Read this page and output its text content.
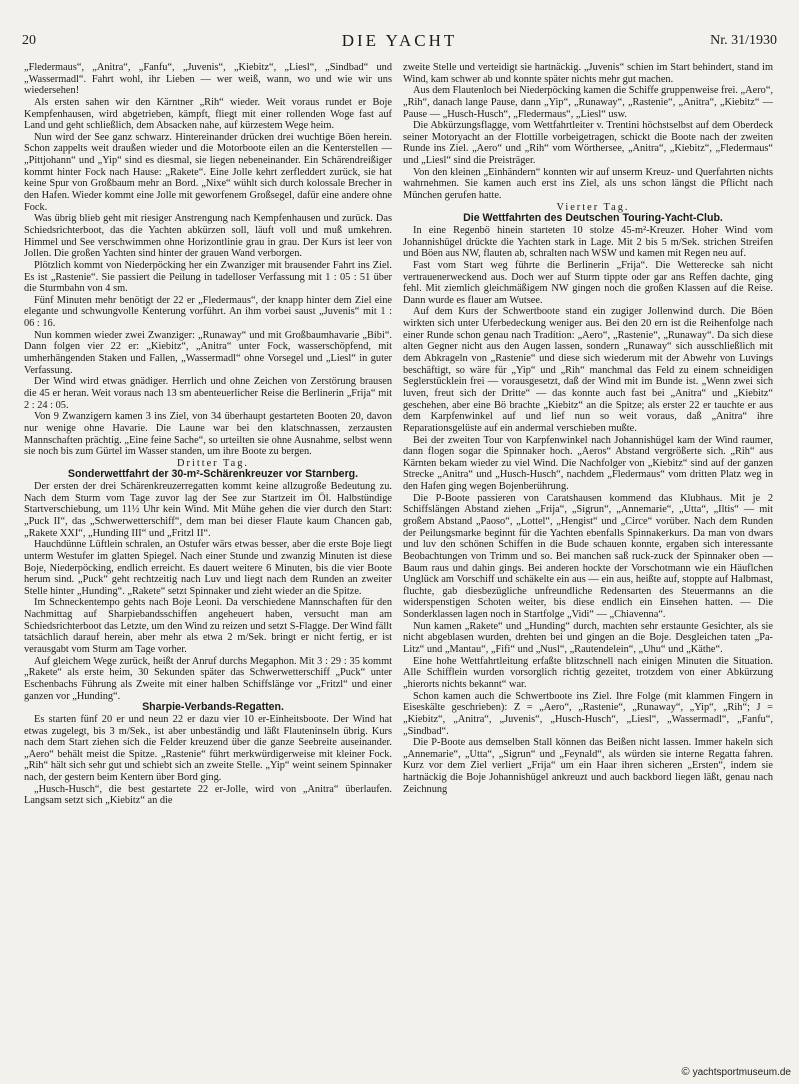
20	DIE YACHT	Nr. 31/1930

„Fledermaus“, „Anitra“, „Fanfu“, „Juvenis“, „Kiebitz“, „Liesl“, „Sindbad“ und „Wassermadl“. Fahrt wohl, ihr Lieben — wer weiß, wann, wo und wie wir uns wiedersehen!

Als ersten sahen wir den Kärntner „Rih“ wieder. Weit voraus rundet er Boje Kempfenhausen, wird abgetrieben, kämpft, fliegt mit einer rollenden Woge fast auf Land und geht schließlich, dem Absacken nahe, auf kürzestem Wege heim.

Nun wird der See ganz schwarz. Hintereinander drücken drei wuchtige Böen herein. Schon zappelts weit draußen wieder und die Motorboote eilen an die Kenterstellen — „Pittjohann“ und „Yip“ sind es diesmal, sie liegen nebeneinander. Ein Schärendreißiger kommt hinter Fock nach Hause: „Rakete“. Eine Jolle kehrt zerfleddert zurück, sie hat keine Spur von Großbaum mehr an Bord. „Nixe“ wühlt sich durch kolossale Brecher in den Hafen. Wieder kommt eine Jolle mit geworfenem Großsegel, dafür eine andere ohne Fock.

Was übrig blieb geht mit riesiger Anstrengung nach Kempfenhausen und zurück. Das Schiedsrichterboot, das die Yachten abkürzen soll, läuft voll und muß umkehren. Himmel und See verschwimmen ohne Horizontlinie grau in grau. Der Kurs ist leer von Jollen. Die großen Yachten sind hinter der grauen Wand verborgen.

Plötzlich kommt von Niederpöcking her ein Zwanziger mit brausender Fahrt ins Ziel. Es ist „Rastenie“. Sie passiert die Peilung in tadelloser Verfassung mit 1 : 05 : 51 über die Sturmbahn von 4 sm.

Fünf Minuten mehr benötigt der 22 er „Fledermaus“, der knapp hinter dem Ziel eine elegante und schwungvolle Kenterung vorführt. An ihm vorbei saust „Juvenis“ mit 1 : 06 : 16.

Nun kommen wieder zwei Zwanziger: „Runaway“ und mit Großbaumhavarie „Bibi“. Dann folgen vier 22 er: „Kiebitz“, „Anitra“ unter Fock, wasserschöpfend, mit umherhängenden Staken und Fallen, „Wassermadl“ ohne Vorsegel und „Liesl“ in guter Verfassung.

Der Wind wird etwas gnädiger. Herrlich und ohne Zeichen von Zerstörung brausen die 45 er heran. Weit voraus nach 13 sm abenteuerlicher Reise die Berlinerin „Frija“ mit 2 : 24 : 05.

Von 9 Zwanzigern kamen 3 ins Ziel, von 34 überhaupt gestarteten Booten 20, davon nur wenige ohne Havarie. Die Laune war bei den klatschnassen, zerzausten Mannschaften prächtig. „Eine feine Sache“, so urteilten sie ohne Ausnahme, selbst wenn sie noch bis zum Gürtel im Wasser standen, um ihre Boote zu bergen.

Dritter Tag.

Sonderwettfahrt der 30-m²-Schärenkreuzer vor Starnberg.

Der ersten der drei Schärenkreuzerregatten kommt keine allzugroße Bedeutung zu. Nach dem Sturm vom Tage zuvor lag der See zur Startzeit im Öl. Halbstündige Startverschiebung, um 11½ Uhr kein Wind. Mit Mühe gehen die vier durch den Start: „Puck II“, das „Schwerwetterschiff“, dem man bei dieser Flaute kaum Chancen gab, „Rakete XXI“, „Hunding III“ und „Fritzl II“.

Hauchdünne Lüftlein schralen, an Ostufer wärs etwas besser, aber die erste Boje liegt unterm Westufer im glatten Spiegel. Nach einer Stunde und zwanzig Minuten ist diese Boje, Niederpöcking, endlich erreicht. Es dauert weitere 6 Minuten, bis die vier Boote herum sind. „Puck“ geht rechtzeitig nach Luv und liegt nach dem Runden an zweiter Stelle hinter „Hunding“. „Rakete“ setzt Spinnaker und zieht wieder an die Spitze.

Im Schneckentempo gehts nach Boje Leoni. Da verschiedene Mannschaften für den Nachmittag auf Sharpiebandsschiffen angeheuert haben, versucht man am Schiedsrichterboot das Letzte, um den Wind zu reizen und setzt S-Flagge. Der Wind fällt tatsächlich darauf herein, aber mehr als etwa 2 m/Sek. bringt er nicht fertig, er ist verausgabt vom Sturm am Tage vorher.

Auf gleichem Wege zurück, heißt der Anruf durchs Megaphon. Mit 3 : 29 : 35 kommt „Rakete“ als erste heim, 30 Sekunden später das Schwerwetterschiff „Puck“ unter Eschenbachs Führung als Zweite mit einer halben Schiffslänge vor „Fritzl“ und einer ganzen vor „Hunding“.

Sharpie-Verbands-Regatten.

Es starten fünf 20 er und neun 22 er dazu vier 10 er-Einheitsboote. Der Wind hat etwas zugelegt, bis 3 m/Sek., ist aber unbeständig und läßt Flauteninseln übrig. Kurs nach dem Start ziehen sich die Felder kreuzend über die ganze Seebreite auseinander. „Aero“ behält meist die Spitze. „Rastenie“ führt merkwürdigerweise mit kleiner Fock. „Rih“ hält sich sehr gut und schiebt sich an zweite Stelle. „Yip“ weint seinem Spinnaker nach, der gestern beim Kentern über Bord ging.

„Husch-Husch“, die best gestartete 22 er-Jolle, wird von „Anitra“ überlaufen. Langsam setzt sich „Kiebitz“ an die

zweite Stelle und verteidigt sie hartnäckig. „Juvenis“ schien im Start behindert, stand im Wind, kam schwer ab und konnte später nichts mehr gut machen.

Aus dem Flautenloch bei Niederpöcking kamen die Schiffe gruppenweise frei. „Aero“, „Rih“, danach lange Pause, dann „Yip“, „Runaway“, „Rastenie“, „Anitra“, „Kiebitz“ — Pause — „Husch-Husch“, „Fledermaus“, „Liesl“ usw.

Die Abkürzungsflagge, vom Wettfahrtleiter v. Trentini höchstselbst auf dem Oberdeck seiner Motoryacht an der Flottille vorbeigetragen, schickt die Boote nach der zweiten Runde ins Ziel. „Aero“ und „Rih“ vom Wörthersee, „Anitra“, „Kiebitz“, „Fledermaus“ und „Liesl“ sind die Preisträger.

Von den kleinen „Einhändern“ konnten wir auf unserm Kreuz- und Querfahrten nichts wahrnehmen. Sie kamen auch erst ins Ziel, als uns schon längst die Pflicht nach München gerufen hatte.

Vierter Tag.

Die Wettfahrten des Deutschen Touring-Yacht-Club.

In eine Regenbö hinein starteten 10 stolze 45-m²-Kreuzer. Hoher Wind vom Johannishügel drückte die Yachten stark in Lage. Mit 2 bis 5 m/Sek. strichen Streifen und Böen aus NW, flauten ab, schralten nach WSW und kamen mit Regen neu auf.

Fast vom Start weg führte die Berlinerin „Frija“. Die Wetterecke sah nicht vertrauenerweckend aus. Doch wer auf Sturm tippte oder gar ans Reffen dachte, ging fehl. Mit ziemlich gleichmäßigem NW gingen noch die großen Klassen auf die Reise. Dann wurde es flauer am Wutsee.

Auf dem Kurs der Schwertboote stand ein zugiger Jollenwind durch. Die Böen wirkten sich unter Uferbedeckung weniger aus. Bei den 20 ern ist die Reihenfolge nach einer Runde schon genau nach Tradition: „Aero“, „Rastenie“, „Runaway“. Da sich diese alten Gegner nicht aus den Augen lassen, sondern „Runaway“ sich ausschließlich mit dem Abkrageln von „Rastenie“ und diese sich wiederum mit der Abwehr von Luvings beschäftigt, so wäre für „Yip“ und „Rih“ manchmal das Feld zu einem schneidigen Seglerstücklein frei — vorausgesetzt, daß der Wind mit im Bunde ist. „Wenn zwei sich luven, freut sich der Dritte“ — das konnte auch fast bei „Anitra“ und „Kiebitz“ geschehen, aber eine Bö brachte „Kiebitz“ an die Spitze; als erster 22 er tauchte er aus dem Karpfenwinkel auf und lief nun so weit voraus, daß „Anitra“ ihre Reparationsgelüste auf ein andermal verschieben mußte.

Bei der zweiten Tour von Karpfenwinkel nach Johannishügel kam der Wind raumer, dann flogen sogar die Spinnaker hoch. „Aeros“ Abstand vergrößerte sich. „Rih“ aus Kärnten bekam wieder zu viel Wind. Die Nachfolger von „Kiebitz“ sind auf der ganzen Strecke „Anitra“ und „Husch-Husch“, nachdem „Fledermaus“ vom dritten Platz weg in den Hafen ging wegen Bojenberührung.

Die P-Boote passieren von Caratshausen kommend das Klubhaus. Mit je 2 Schiffslängen Abstand ziehen „Frija“, „Sigrun“, „Annemarie“, „Utta“, „Iltis“ — mit großem Abstand „Paoso“, „Lottel“, „Hengist“ und „Circe“ vorüber. Nach dem Runden der Peilungsmarke beginnt für die Yachten ebenfalls Spinnakerkurs. Da man von dwars und luv den schönen Schiffen in die Bude schauen konnte, ergaben sich interessante Beobachtungen von Trimm und so. Bei manchen saß ruck-zuck der Spinnaker oben — Baum raus und dahin gings. Bei anderen hockte der Vorschotmann wie ein Häuflchen Unglück am Vorschiff und schäkelte ein aus — ein aus, heißte auf, stoppte auf Halbmast, fluchte, gab diesbezügliche unfreundliche Redensarten des Steuermanns an die widerspenstigen Schoten weiter, bis diese endlich ein Einsehen hatten. — Die Sonderklassen lagen noch in Startfolge „Vidi“ — „Chiavenna“.

Nun kamen „Rakete“ und „Hunding“ durch, machten sehr erstaunte Gesichter, als sie nicht abgeblasen wurden, drehten bei und gingen an die Boje. Desgleichen taten „Pa-Litz“ und „Mantau“, „Fifi“ und „Nusl“, „Rautendelein“, „Uhu“ und „Käthe“.

Eine hohe Wettfahrtleitung erfaßte blitzschnell nach einigen Minuten die Situation. Alle Schifflein wurden vorsorglich richtig gezeitet, trotzdem von einer Abkürzung „hierorts nichts bekannt“ war.

Schon kamen auch die Schwertboote ins Ziel. Ihre Folge (mit klammen Fingern in Eiseskälte geschrieben): Z = „Aero“, „Rastenie“, „Runaway“, „Yip“, „Rih“; J = „Kiebitz“, „Anitra“, „Juvenis“, „Husch-Husch“, „Liesl“, „Wassermadl“, „Fanfu“, „Sindbad“.

Die P-Boote aus demselben Stall können das Beißen nicht lassen. Immer hakeln sich „Annemarie“, „Utta“, „Sigrun“ und „Feynald“, als würden sie interne Regatta fahren. Kurz vor dem Ziel verliert „Frija“ um ein Haar ihren sicheren „Ersten“, indem sie hartnäckig die Boje Johannishügel ankreuzt und auch backbord liegen läßt, genau nach Zeichnung

© yachtsportmuseum.de
